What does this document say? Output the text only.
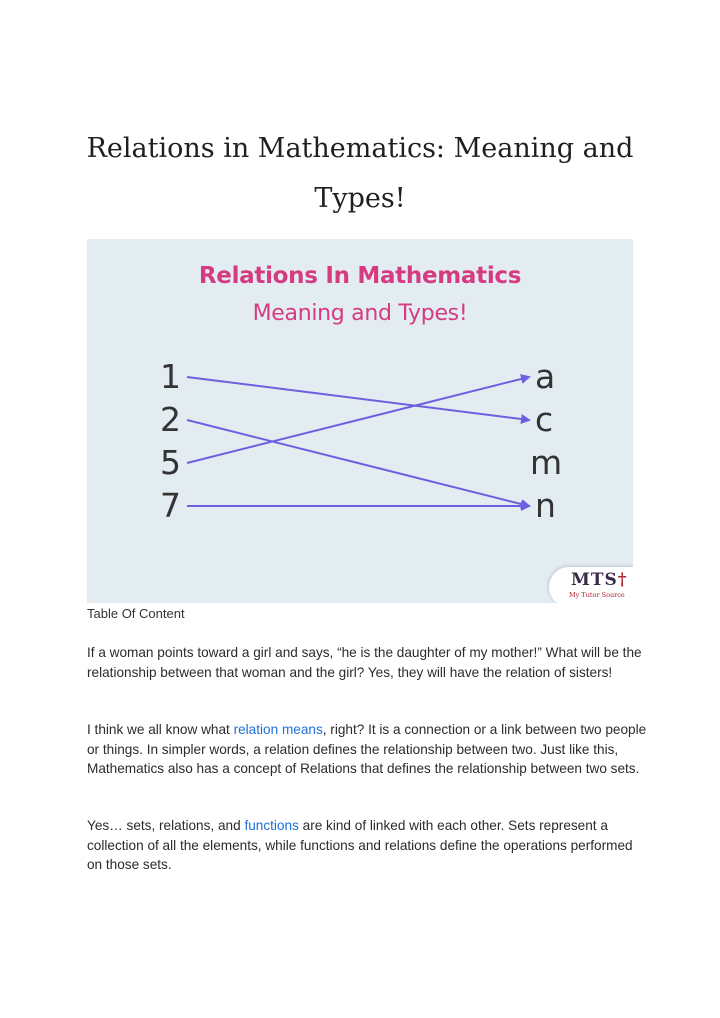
Relations in Mathematics: Meaning and
Types!
Relations In Mathematics
Meaning and Types!
1
2
5
7
a
c
m
n
MTS†
My Tutor Source
Table Of Content

If a woman points toward a girl and says, “he is the daughter of my mother!” What will be the relationship between that woman and the girl? Yes, they will have the relation of sisters!

I think we all know what relation means, right? It is a connection or a link between two people or things. In simpler words, a relation defines the relationship between two. Just like this, Mathematics also has a concept of Relations that defines the relationship between two sets.

Yes… sets, relations, and functions are kind of linked with each other. Sets represent a collection of all the elements, while functions and relations define the operations performed on those sets.
